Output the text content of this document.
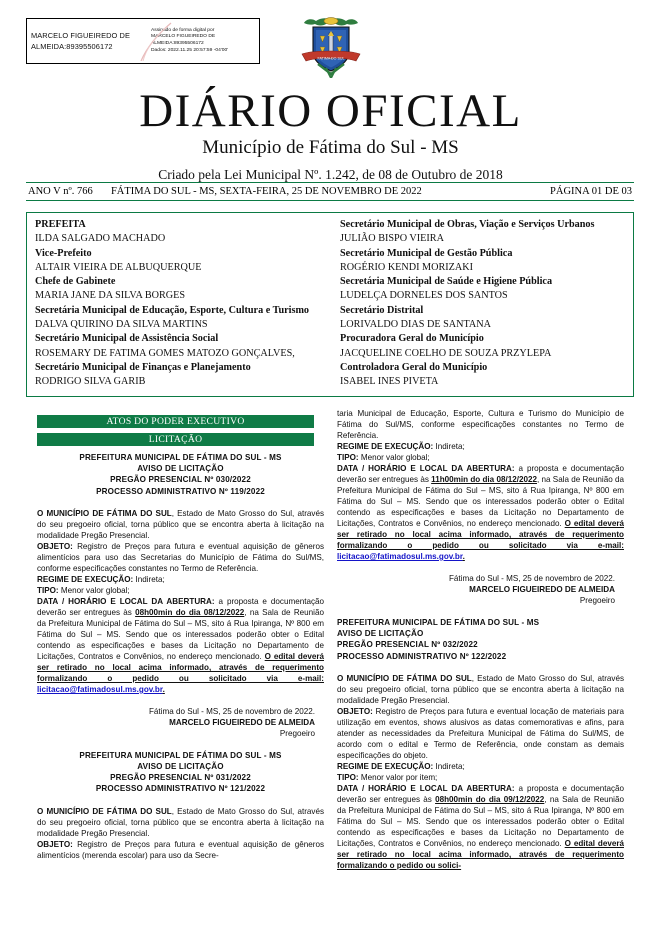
MARCELO FIGUEIREDO DE
ALMEIDA:89395506172
Assinado de forma digital por
MARCELO FIGUEIREDO DE
ALMEIDA:89395506172
Dados: 2022.11.25 20:57:59 -04'00'
FATIMA DO SUL
DIÁRIO OFICIAL
Município de Fátima do Sul - MS
Criado pela Lei Municipal Nº. 1.242, de 08 de Outubro de 2018
ANO V nº. 766 FÁTIMA DO SUL - MS, SEXTA-FEIRA, 25 DE NOVEMBRO DE 2022	PÁGINA 01 DE 03
PREFEITA
ILDA SALGADO MACHADO
Vice-Prefeito
ALTAIR VIEIRA DE ALBUQUERQUE
Chefe de Gabinete
MARIA JANE DA SILVA BORGES
Secretária Municipal de Educação, Esporte, Cultura e Turismo
DALVA QUIRINO DA SILVA MARTINS
Secretário Municipal de Assistência Social
ROSEMARY DE FATIMA GOMES MATOZO GONÇALVES,
Secretário Municipal de Finanças e Planejamento
RODRIGO SILVA GARIB
Secretário Municipal de Obras, Viação e Serviços Urbanos
JULIÃO BISPO VIEIRA
Secretário Municipal de Gestão Pública
ROGÉRIO KENDI MORIZAKI
Secretária Municipal de Saúde e Higiene Pública
LUDELÇA DORNELES DOS SANTOS
Secretário Distrital
LORIVALDO DIAS DE SANTANA
Procuradora Geral do Município
JACQUELINE COELHO DE SOUZA PRZYLEPA
Controladora Geral do Município
ISABEL INES PIVETA
ATOS DO PODER EXECUTIVO
LICITAÇÃO

PREFEITURA MUNICIPAL DE FÁTIMA DO SUL - MS

AVISO DE LICITAÇÃO

PREGÃO PRESENCIAL Nº 030/2022

PROCESSO ADMINISTRATIVO Nº 119/2022

O MUNICÍPIO DE FÁTIMA DO SUL, Estado de Mato Grosso do Sul, através do seu pregoeiro oficial, torna público que se encontra aberta à licitação na modalidade Pregão Presencial.

OBJETO: Registro de Preços para futura e eventual aquisição de gêneros alimentícios para uso das Secretarias do Município de Fátima do Sul/MS, conforme especificações constantes no Termo de Referência.

REGIME DE EXECUÇÃO: Indireta;

TIPO: Menor valor global;

DATA / HORÁRIO E LOCAL DA ABERTURA: a proposta e documentação deverão ser entregues às 08h00min do dia 08/12/2022, na Sala de Reunião da Prefeitura Municipal de Fátima do Sul – MS, sito á Rua Ipiranga, Nº 800 em Fátima do Sul – MS. Sendo que os interessados poderão obter o Edital contendo as especificações e bases da Licitação no Departamento de Licitações, Contratos e Convênios, no endereço mencionado. O edital deverá ser retirado no local acima informado, através de requerimento formalizando o pedido ou solicitado via e-mail: licitacao@fatimadosul.ms.gov.br.

Fátima do Sul - MS, 25 de novembro de 2022.

MARCELO FIGUEIREDO DE ALMEIDA

Pregoeiro

PREFEITURA MUNICIPAL DE FÁTIMA DO SUL - MS

AVISO DE LICITAÇÃO

PREGÃO PRESENCIAL Nº 031/2022

PROCESSO ADMINISTRATIVO Nº 121/2022

O MUNICÍPIO DE FÁTIMA DO SUL, Estado de Mato Grosso do Sul, através do seu pregoeiro oficial, torna público que se encontra aberta à licitação na modalidade Pregão Presencial.

OBJETO: Registro de Preços para futura e eventual aquisição de gêneros alimentícios (merenda escolar) para uso da Secre-

taria Municipal de Educação, Esporte, Cultura e Turismo do Município de Fátima do Sul/MS, conforme especificações constantes no Termo de Referência.

REGIME DE EXECUÇÃO: Indireta;

TIPO: Menor valor global;

DATA / HORÁRIO E LOCAL DA ABERTURA: a proposta e documentação deverão ser entregues às 11h00min do dia 08/12/2022, na Sala de Reunião da Prefeitura Municipal de Fátima do Sul – MS, sito á Rua Ipiranga, Nº 800 em Fátima do Sul – MS. Sendo que os interessados poderão obter o Edital contendo as especificações e bases da Licitação no Departamento de Licitações, Contratos e Convênios, no endereço mencionado. O edital deverá ser retirado no local acima informado, através de requerimento formalizando o pedido ou solicitado via e-mail: licitacao@fatimadosul.ms.gov.br.

Fátima do Sul - MS, 25 de novembro de 2022.

MARCELO FIGUEIREDO DE ALMEIDA

Pregoeiro

PREFEITURA MUNICIPAL DE FÁTIMA DO SUL - MS

AVISO DE LICITAÇÃO

PREGÃO PRESENCIAL Nº 032/2022

PROCESSO ADMINISTRATIVO Nº 122/2022

O MUNICÍPIO DE FÁTIMA DO SUL, Estado de Mato Grosso do Sul, através do seu pregoeiro oficial, torna público que se encontra aberta à licitação na modalidade Pregão Presencial.

OBJETO: Registro de Preços para futura e eventual locação de materiais para utilização em eventos, shows alusivos as datas comemorativas e afins, para atender as necessidades da Prefeitura Municipal de Fátima do Sul/MS, de acordo com o edital e Termo de Referência, onde constam as demais especificações do objeto.

REGIME DE EXECUÇÃO: Indireta;

TIPO: Menor valor por item;

DATA / HORÁRIO E LOCAL DA ABERTURA: a proposta e documentação deverão ser entregues às 08h00min do dia 09/12/2022, na Sala de Reunião da Prefeitura Municipal de Fátima do Sul – MS, sito á Rua Ipiranga, Nº 800 em Fátima do Sul – MS. Sendo que os interessados poderão obter o Edital contendo as especificações e bases da Licitação no Departamento de Licitações, Contratos e Convênios, no endereço mencionado. O edital deverá ser retirado no local acima informado, através de requerimento formalizando o pedido ou solici-
